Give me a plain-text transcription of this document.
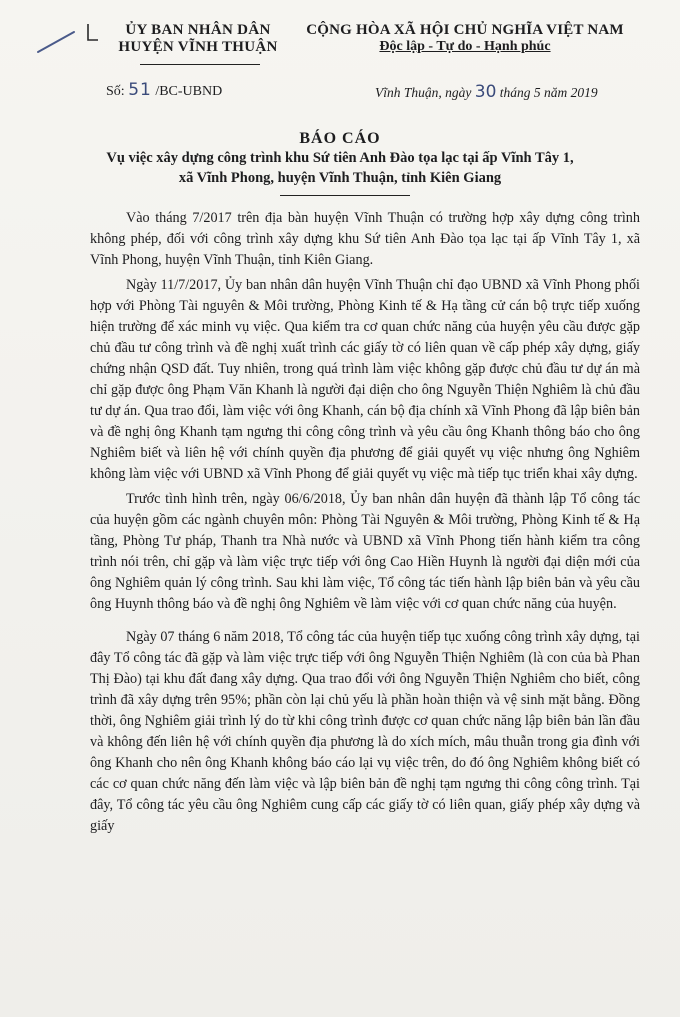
ỦY BAN NHÂN DÂN
HUYỆN VĨNH THUẬN
CỘNG HÒA XÃ HỘI CHỦ NGHĨA VIỆT NAM
Độc lập - Tự do - Hạnh phúc
Số: 51 /BC-UBND	Vĩnh Thuận, ngày 30 tháng 5 năm 2019
BÁO CÁO
Vụ việc xây dựng công trình khu Sứ tiên Anh Đào tọa lạc tại ấp Vĩnh Tây 1,
xã Vĩnh Phong, huyện Vĩnh Thuận, tỉnh Kiên Giang

Vào tháng 7/2017 trên địa bàn huyện Vĩnh Thuận có trường hợp xây dựng công trình không phép, đối với công trình xây dựng khu Sứ tiên Anh Đào tọa lạc tại ấp Vĩnh Tây 1, xã Vĩnh Phong, huyện Vĩnh Thuận, tỉnh Kiên Giang.

Ngày 11/7/2017, Ủy ban nhân dân huyện Vĩnh Thuận chỉ đạo UBND xã Vĩnh Phong phối hợp với Phòng Tài nguyên & Môi trường, Phòng Kinh tế & Hạ tầng cử cán bộ trực tiếp xuống hiện trường để xác minh vụ việc. Qua kiểm tra cơ quan chức năng của huyện yêu cầu được gặp chủ đầu tư công trình và đề nghị xuất trình các giấy tờ có liên quan về cấp phép xây dựng, giấy chứng nhận QSD đất. Tuy nhiên, trong quá trình làm việc không gặp được chủ đầu tư dự án mà chỉ gặp được ông Phạm Văn Khanh là người đại diện cho ông Nguyễn Thiện Nghiêm là chủ đầu tư dự án. Qua trao đổi, làm việc với ông Khanh, cán bộ địa chính xã Vĩnh Phong đã lập biên bản và đề nghị ông Khanh tạm ngưng thi công công trình và yêu cầu ông Khanh thông báo cho ông Nghiêm biết và liên hệ với chính quyền địa phương để giải quyết vụ việc nhưng ông Nghiêm không làm việc với UBND xã Vĩnh Phong để giải quyết vụ việc mà tiếp tục triển khai xây dựng.

Trước tình hình trên, ngày 06/6/2018, Ủy ban nhân dân huyện đã thành lập Tổ công tác của huyện gồm các ngành chuyên môn: Phòng Tài Nguyên & Môi trường, Phòng Kinh tế & Hạ tầng, Phòng Tư pháp, Thanh tra Nhà nước và UBND xã Vĩnh Phong tiến hành kiểm tra công trình nói trên, chỉ gặp và làm việc trực tiếp với ông Cao Hiền Huynh là người đại diện mới của ông Nghiêm quản lý công trình. Sau khi làm việc, Tổ công tác tiến hành lập biên bản và yêu cầu ông Huynh thông báo và đề nghị ông Nghiêm về làm việc với cơ quan chức năng của huyện.

Ngày 07 tháng 6 năm 2018, Tổ công tác của huyện tiếp tục xuống công trình xây dựng, tại đây Tổ công tác đã gặp và làm việc trực tiếp với ông Nguyễn Thiện Nghiêm (là con của bà Phan Thị Đào) tại khu đất đang xây dựng. Qua trao đổi với ông Nguyễn Thiện Nghiêm cho biết, công trình đã xây dựng trên 95%; phần còn lại chủ yếu là phần hoàn thiện và vệ sinh mặt bằng. Đồng thời, ông Nghiêm giải trình lý do từ khi công trình được cơ quan chức năng lập biên bản lần đầu và không đến liên hệ với chính quyền địa phương là do xích mích, mâu thuẫn trong gia đình với ông Khanh cho nên ông Khanh không báo cáo lại vụ việc trên, do đó ông Nghiêm không biết có các cơ quan chức năng đến làm việc và lập biên bản đề nghị tạm ngưng thi công công trình. Tại đây, Tổ công tác yêu cầu ông Nghiêm cung cấp các giấy tờ có liên quan, giấy phép xây dựng và giấy
